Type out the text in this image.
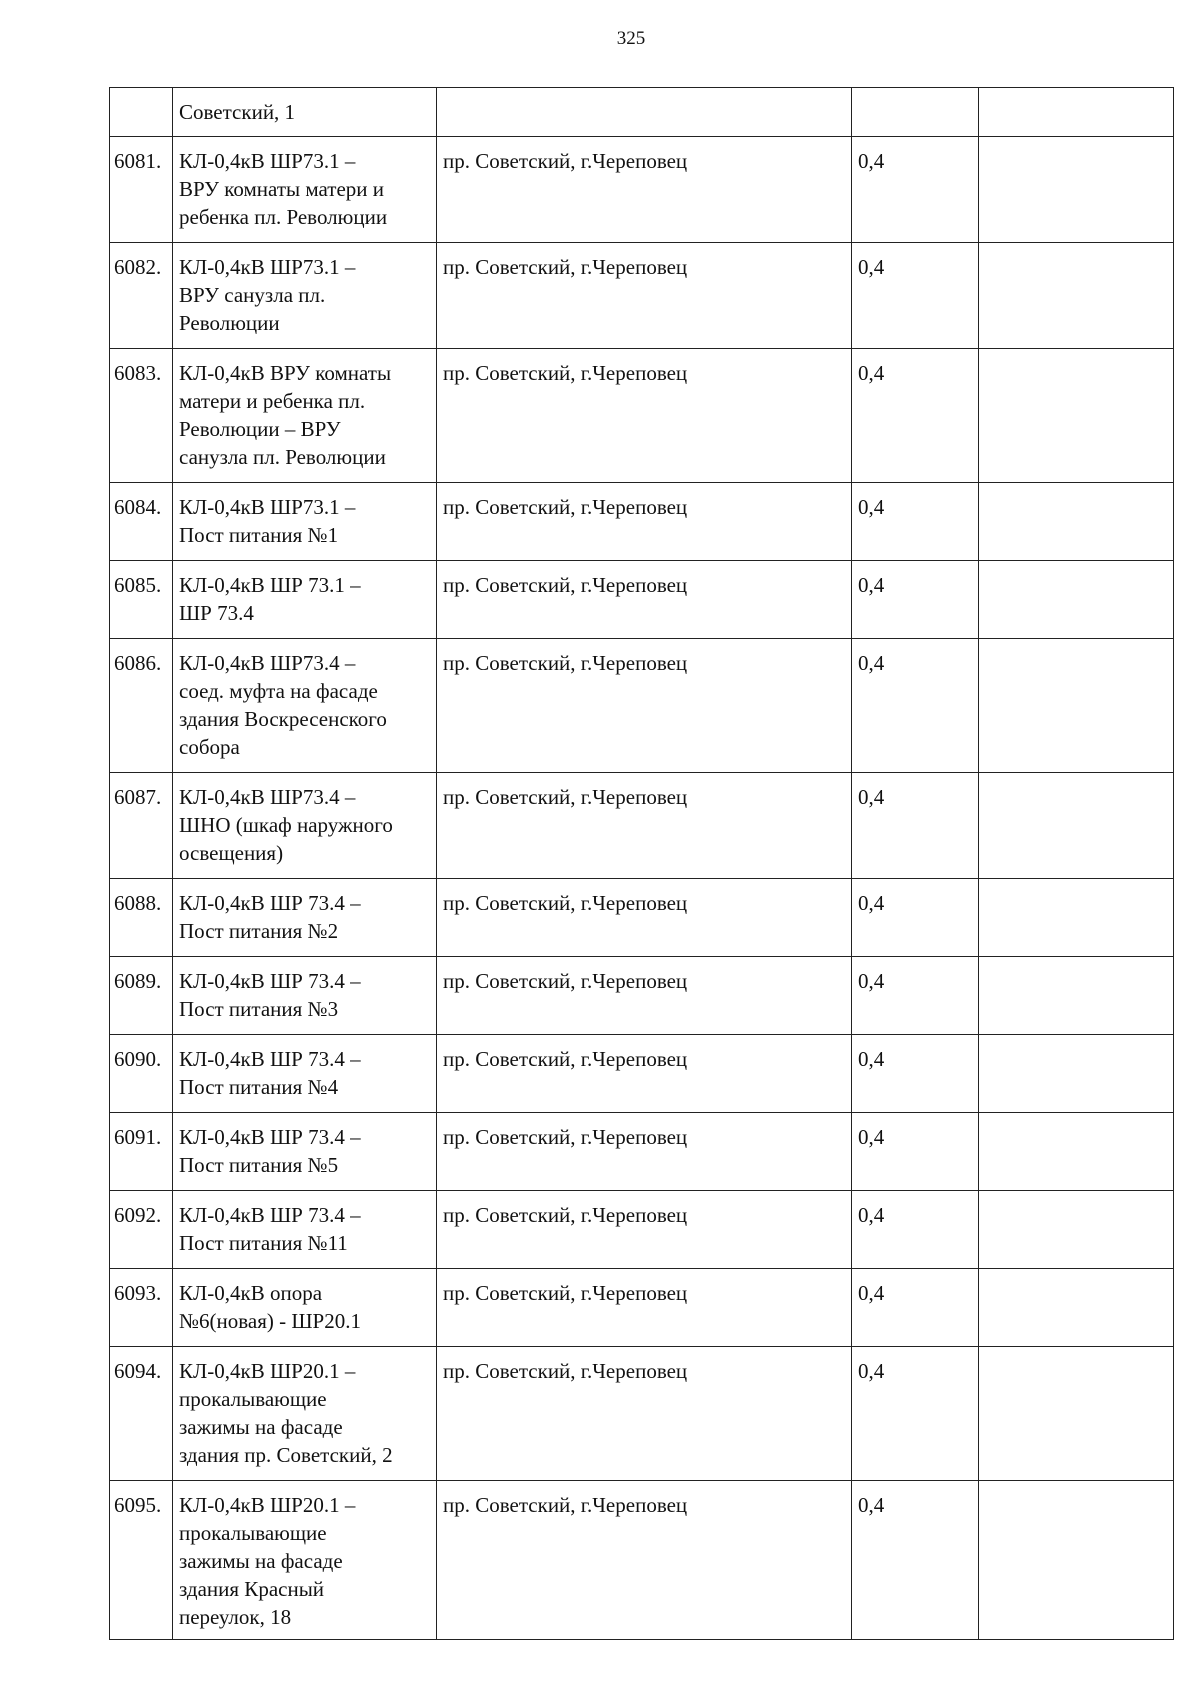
325

	Советский, 1			

6081.	КЛ-0,4кВ ШР73.1 –
ВРУ комнаты матери и
ребенка пл. Революции	пр. Советский, г.Череповец	0,4	
6082.	КЛ-0,4кВ ШР73.1 –
ВРУ санузла пл.
Революции	пр. Советский, г.Череповец	0,4	
6083.	КЛ-0,4кВ ВРУ комнаты
матери и ребенка пл.
Революции – ВРУ
санузла пл. Революции	пр. Советский, г.Череповец	0,4	
6084.	КЛ-0,4кВ ШР73.1 –
Пост питания №1	пр. Советский, г.Череповец	0,4	
6085.	КЛ-0,4кВ ШР 73.1 –
ШР 73.4	пр. Советский, г.Череповец	0,4	
6086.	КЛ-0,4кВ ШР73.4 –
соед. муфта на фасаде
здания Воскресенского
собора	пр. Советский, г.Череповец	0,4	
6087.	КЛ-0,4кВ ШР73.4 –
ШНО (шкаф наружного
освещения)	пр. Советский, г.Череповец	0,4	
6088.	КЛ-0,4кВ ШР 73.4 –
Пост питания №2	пр. Советский, г.Череповец	0,4	
6089.	КЛ-0,4кВ ШР 73.4 –
Пост питания №3	пр. Советский, г.Череповец	0,4	
6090.	КЛ-0,4кВ ШР 73.4 –
Пост питания №4	пр. Советский, г.Череповец	0,4	
6091.	КЛ-0,4кВ ШР 73.4 –
Пост питания №5	пр. Советский, г.Череповец	0,4	
6092.	КЛ-0,4кВ ШР 73.4 –
Пост питания №11	пр. Советский, г.Череповец	0,4	
6093.	КЛ-0,4кВ опора
№6(новая) - ШР20.1	пр. Советский, г.Череповец	0,4	
6094.	КЛ-0,4кВ ШР20.1 –
прокалывающие
зажимы на фасаде
здания пр. Советский, 2	пр. Советский, г.Череповец	0,4	
6095.	КЛ-0,4кВ ШР20.1 –
прокалывающие
зажимы на фасаде
здания Красный
переулок, 18	пр. Советский, г.Череповец	0,4	
